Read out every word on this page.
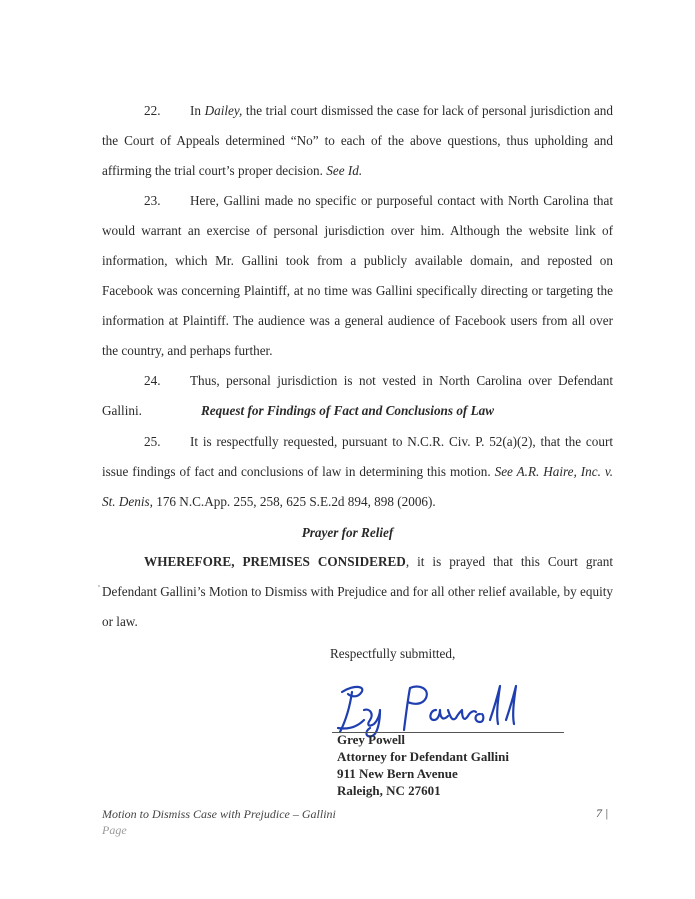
22. In Dailey, the trial court dismissed the case for lack of personal jurisdiction and the Court of Appeals determined “No” to each of the above questions, thus upholding and affirming the trial court’s proper decision. See Id.

23. Here, Gallini made no specific or purposeful contact with North Carolina that would warrant an exercise of personal jurisdiction over him. Although the website link of information, which Mr. Gallini took from a publicly available domain, and reposted on Facebook was concerning Plaintiff, at no time was Gallini specifically directing or targeting the information at Plaintiff. The audience was a general audience of Facebook users from all over the country, and perhaps further.

24. Thus, personal jurisdiction is not vested in North Carolina over Defendant Gallini.	Request for Findings of Fact and Conclusions of Law

25. It is respectfully requested, pursuant to N.C.R. Civ. P. 52(a)(2), that the court issue findings of fact and conclusions of law in determining this motion. See A.R. Haire, Inc. v. St. Denis, 176 N.C.App. 255, 258, 625 S.E.2d 894, 898 (2006).

Prayer for Relief

WHEREFORE, PREMISES CONSIDERED, it is prayed that this Court grant Defendant Gallini’s Motion to Dismiss with Prejudice and for all other relief available, by equity or law.

Respectfully submitted,
Grey Powell
Attorney for Defendant Gallini
911 New Bern Avenue
Raleigh, NC 27601
Motion to Dismiss Case with Prejudice – Gallini
Page
7 |
